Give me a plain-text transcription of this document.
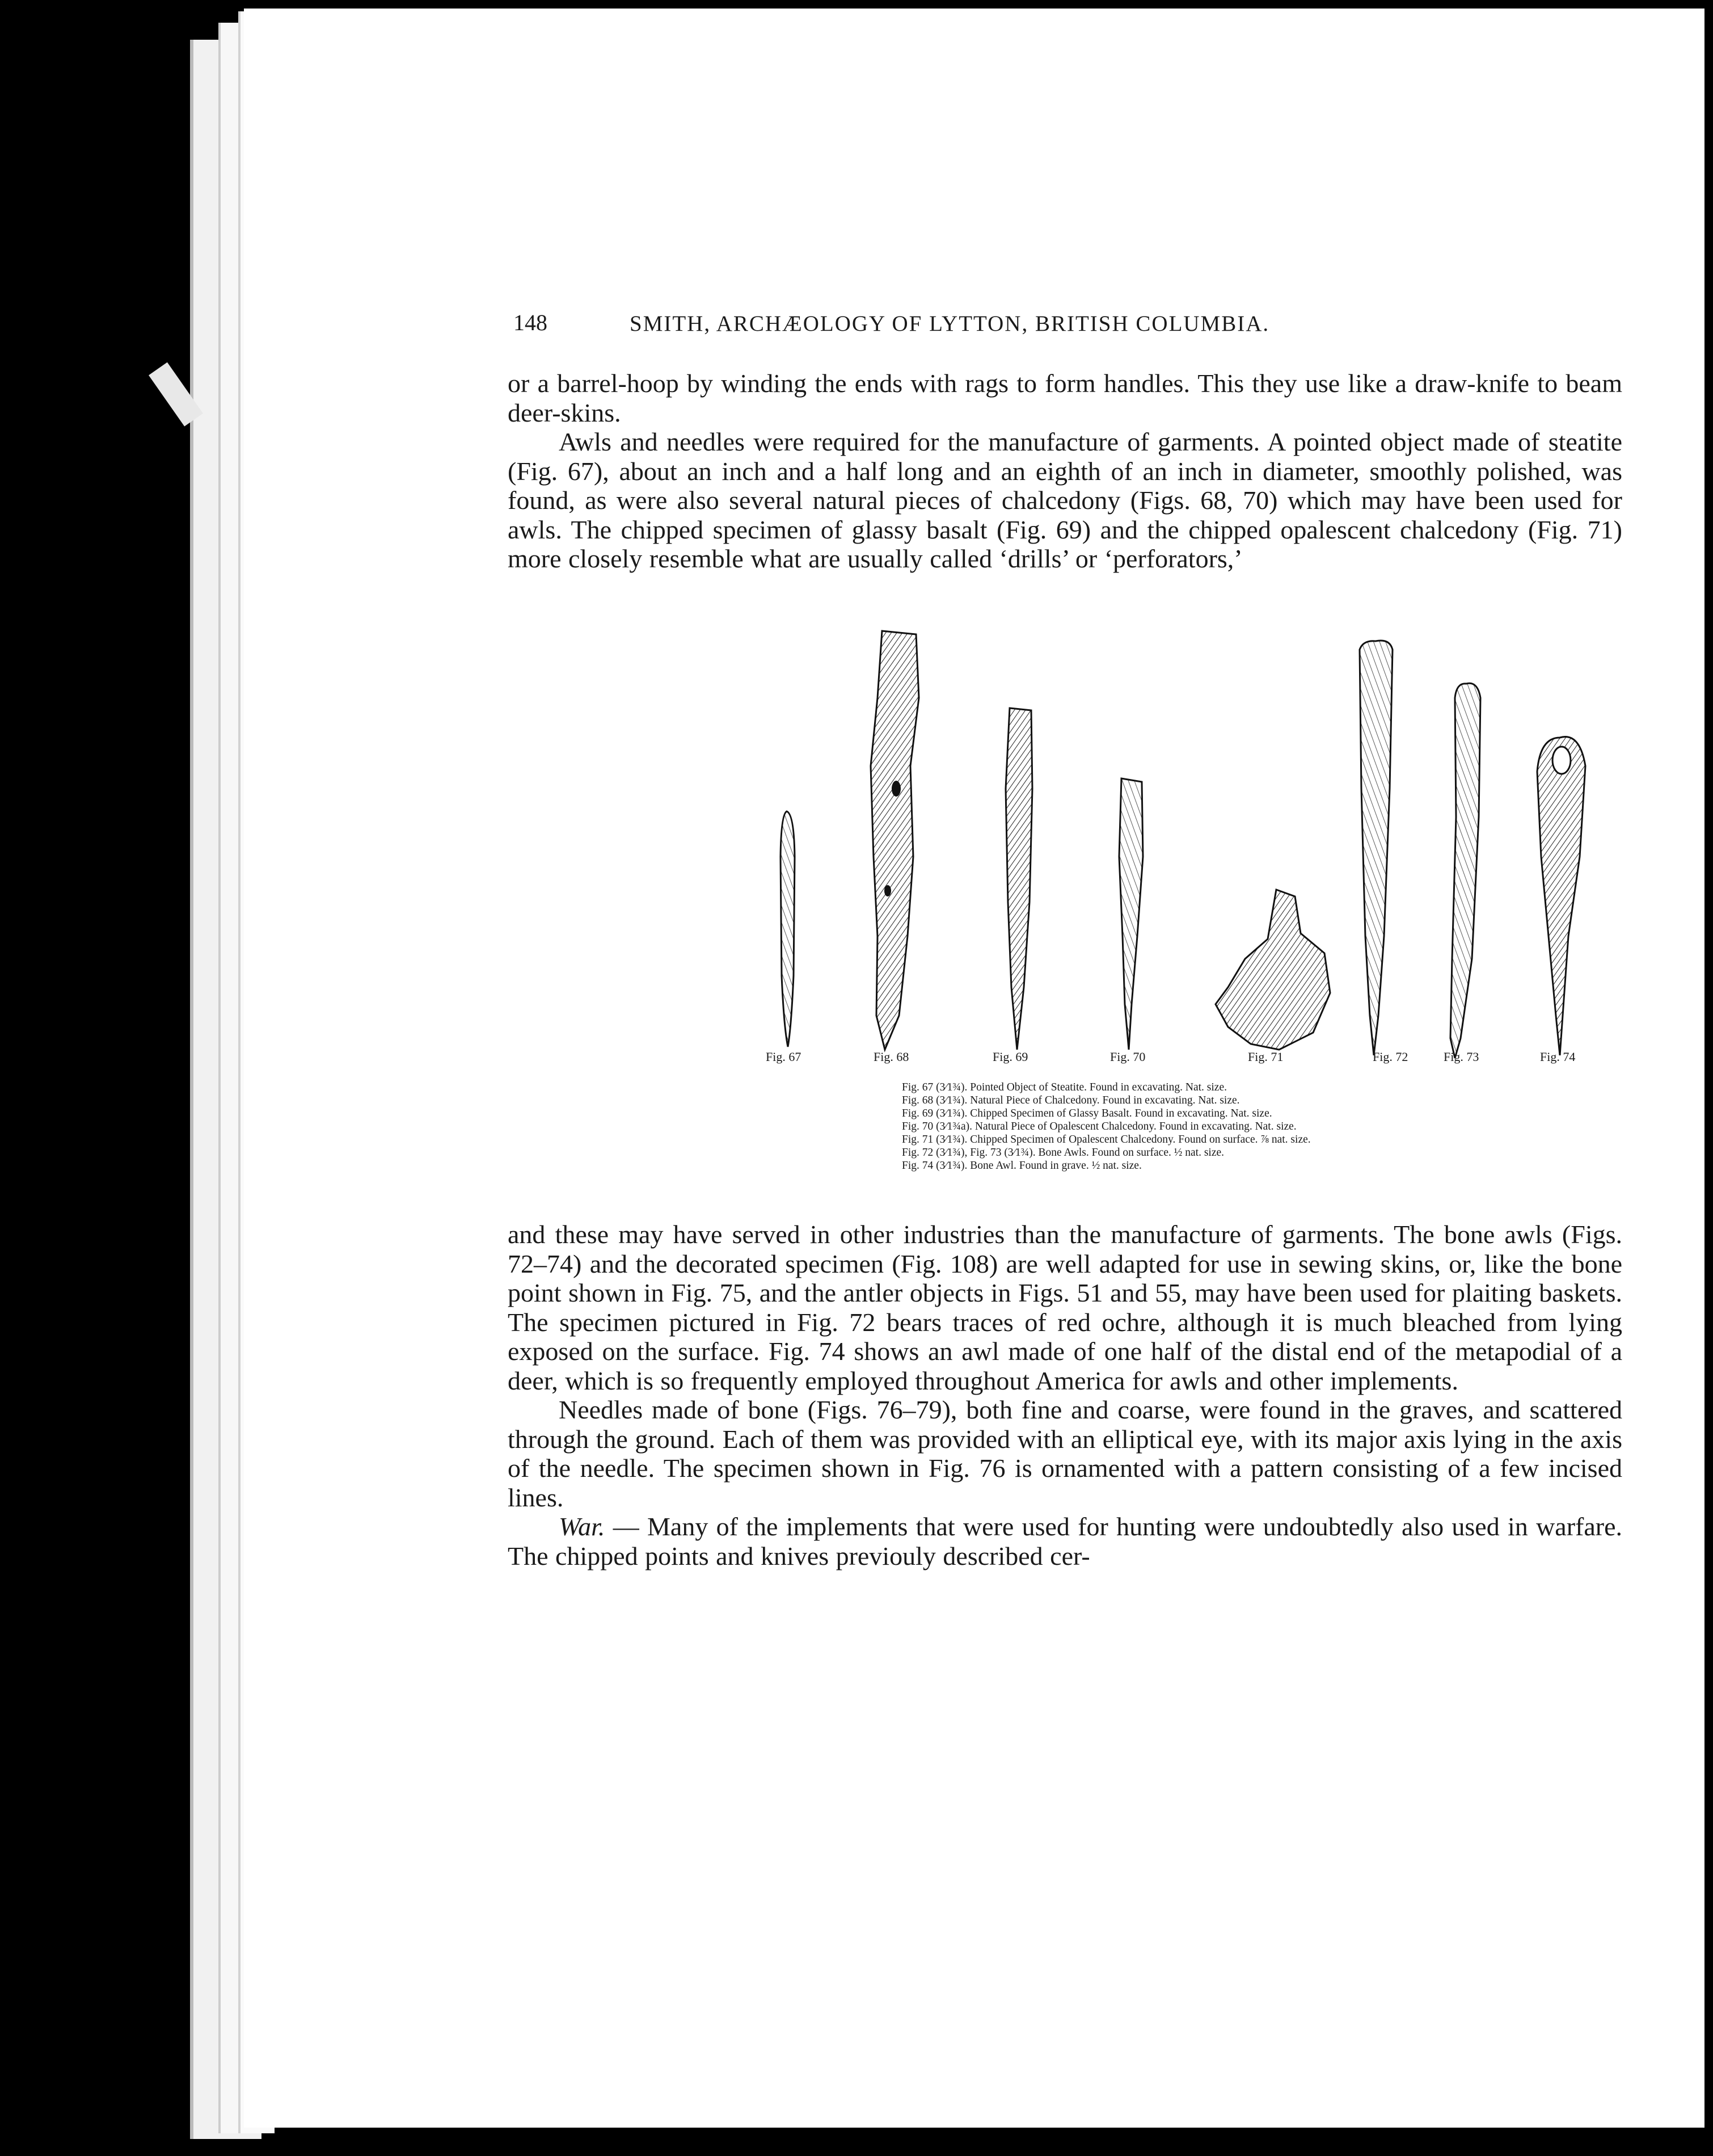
148	SMITH, ARCHÆOLOGY OF LYTTON, BRITISH COLUMBIA.

or a barrel-hoop by winding the ends with rags to form handles. This they use like a draw-knife to beam deer-skins.

Awls and needles were required for the manufacture of garments. A pointed object made of steatite (Fig. 67), about an inch and a half long and an eighth of an inch in diameter, smoothly polished, was found, as were also several natural pieces of chalcedony (Figs. 68, 70) which may have been used for awls. The chipped specimen of glassy basalt (Fig. 69) and the chipped opalescent chalcedony (Fig. 71) more closely resemble what are usually called ‘drills’ or ‘perforators,’

Fig. 67	Fig. 68	Fig. 69	Fig. 70	Fig. 71	Fig. 72	Fig. 73	Fig. 74
Fig. 67 (3⁄1¾). Pointed Object of Steatite. Found in excavating. Nat. size.
Fig. 68 (3⁄1¾). Natural Piece of Chalcedony. Found in excavating. Nat. size.
Fig. 69 (3⁄1¾). Chipped Specimen of Glassy Basalt. Found in excavating. Nat. size.
Fig. 70 (3⁄1¾a). Natural Piece of Opalescent Chalcedony. Found in excavating. Nat. size.
Fig. 71 (3⁄1¾). Chipped Specimen of Opalescent Chalcedony. Found on surface. ⅞ nat. size.
Fig. 72 (3⁄1¾), Fig. 73 (3⁄1¾). Bone Awls. Found on surface. ½ nat. size.
Fig. 74 (3⁄1¾). Bone Awl. Found in grave. ½ nat. size.

and these may have served in other industries than the manufacture of garments. The bone awls (Figs. 72–74) and the decorated specimen (Fig. 108) are well adapted for use in sewing skins, or, like the bone point shown in Fig. 75, and the antler objects in Figs. 51 and 55, may have been used for plaiting baskets. The specimen pictured in Fig. 72 bears traces of red ochre, although it is much bleached from lying exposed on the surface. Fig. 74 shows an awl made of one half of the distal end of the metapodial of a deer, which is so frequently employed throughout America for awls and other implements.

Needles made of bone (Figs. 76–79), both fine and coarse, were found in the graves, and scattered through the ground. Each of them was provided with an elliptical eye, with its major axis lying in the axis of the needle. The specimen shown in Fig. 76 is ornamented with a pattern consisting of a few incised lines.

War. — Many of the implements that were used for hunting were undoubtedly also used in warfare. The chipped points and knives previouly described cer-
